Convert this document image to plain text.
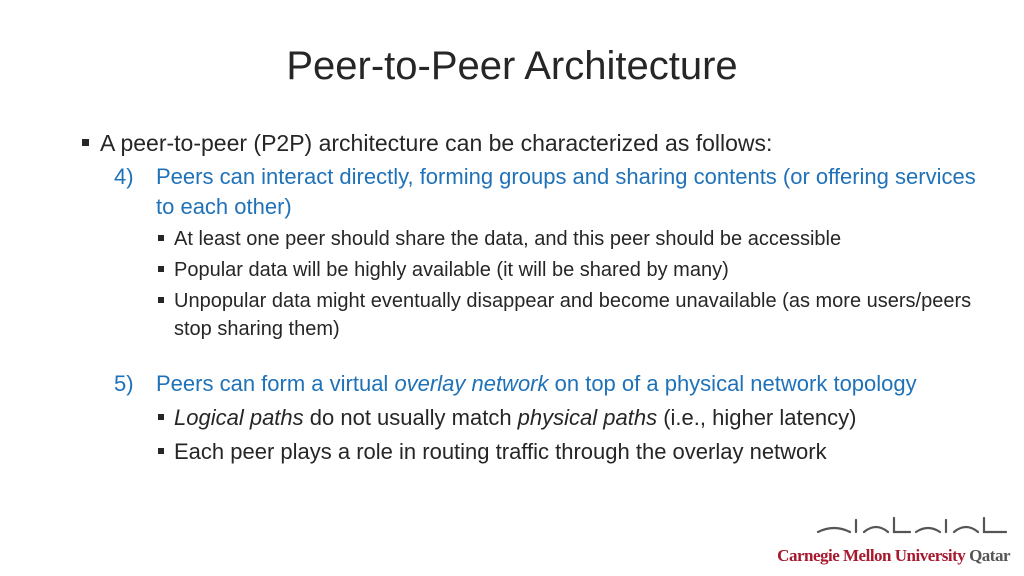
Peer-to-Peer Architecture
A peer-to-peer (P2P) architecture can be characterized as follows:
4) Peers can interact directly, forming groups and sharing contents (or offering services to each other)
At least one peer should share the data, and this peer should be accessible
Popular data will be highly available (it will be shared by many)
Unpopular data might eventually disappear and become unavailable (as more users/peers stop sharing them)
5) Peers can form a virtual overlay network on top of a physical network topology
Logical paths do not usually match physical paths (i.e., higher latency)
Each peer plays a role in routing traffic through the overlay network
Carnegie Mellon University Qatar
